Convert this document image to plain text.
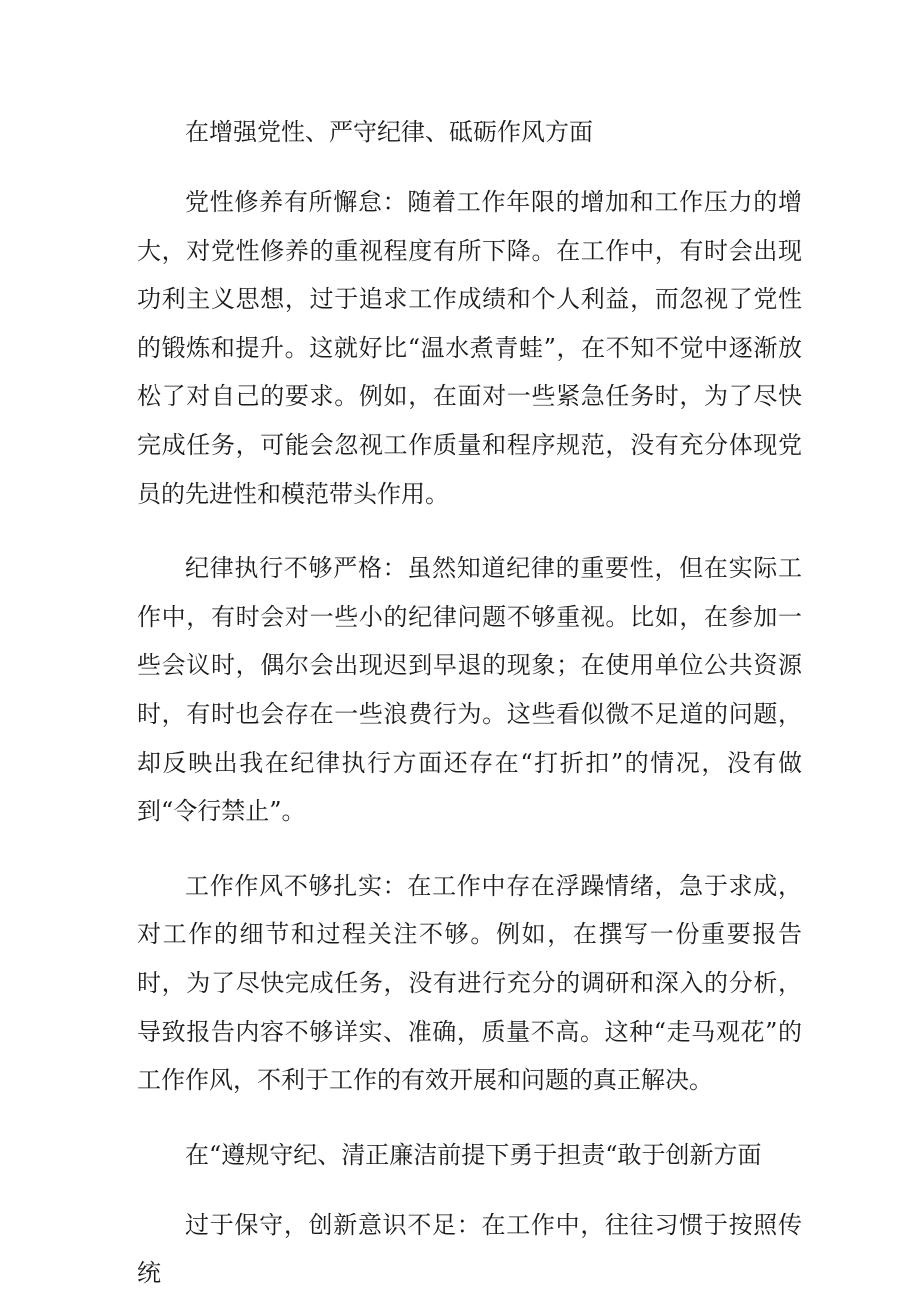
在增强党性、严守纪律、砥砺作风方面

党性修养有所懈怠：随着工作年限的增加和工作压力的增大，对党性修养的重视程度有所下降。在工作中，有时会出现功利主义思想，过于追求工作成绩和个人利益，而忽视了党性的锻炼和提升。这就好比“温水煮青蛙”，在不知不觉中逐渐放松了对自己的要求。例如，在面对一些紧急任务时，为了尽快完成任务，可能会忽视工作质量和程序规范，没有充分体现党员的先进性和模范带头作用。

纪律执行不够严格：虽然知道纪律的重要性，但在实际工作中，有时会对一些小的纪律问题不够重视。比如，在参加一些会议时，偶尔会出现迟到早退的现象；在使用单位公共资源时，有时也会存在一些浪费行为。这些看似微不足道的问题，却反映出我在纪律执行方面还存在“打折扣”的情况，没有做到“令行禁止”。

工作作风不够扎实：在工作中存在浮躁情绪，急于求成，对工作的细节和过程关注不够。例如，在撰写一份重要报告时，为了尽快完成任务，没有进行充分的调研和深入的分析，导致报告内容不够详实、准确，质量不高。这种“走马观花”的工作作风，不利于工作的有效开展和问题的真正解决。

在“遵规守纪、清正廉洁前提下勇于担责“敢于创新方面

过于保守，创新意识不足：在工作中，往往习惯于按照传统
